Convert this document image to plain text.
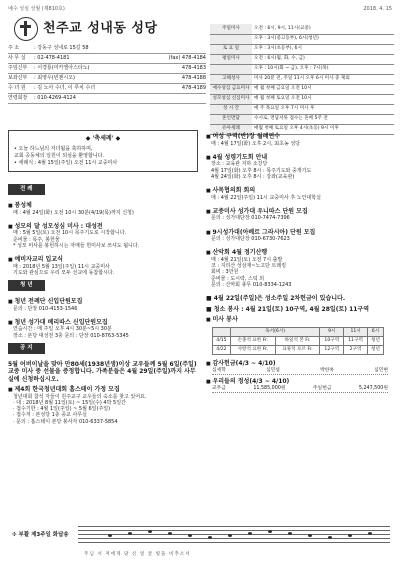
예수 성심 성월 (제810호)	2018. 4. 15
천주교 성내동 성당
주 소	: 강동구 성내로 15길 58
사 무 실	: 02-478-4181	(fax) 478-4184
주임신부	: 서경룡(미카엘아스타노)	478-4183
보좌신부	: 최영우(빈첸시오)	478-4188
수 녀 원	: 김 노아 수녀, 이 루치 수녀	478-4189
연령회장	: 010-4269-4124
주일미사	오전 : 6시, 9시, 11시(교중)
	오후 : 3시(중고등부), 6시(청년)
토 요 일	오후 : 3시(초등부), 6시
평일미사	오전 : 6시(월, 화, 수, 금)
	오후 : 10시(화 ~ 금), 오후 : 7시(목)
고해성사	미사 20분 전, 주일 11시 오후 6시 미사 중 제외
예수성심 금요미사	매 월 첫째 금요일 오전 10시
성모성심 신심미사	매 월 첫째 토요일 오전 10시
성 시 간	매 주 목요일 오후 7시 미사 후
혼인면담	수시로, 면담서류 접수는 혼배 5주 전
유아세례	매월 첫째 토요일 오후 4시(초등) 9시 이후
◆ '축세례' ◆

• 오늘 하느님의 자녀됨을 축하하며,

교회 공동체의 일원이 되심을 환영합니다.

• 세례식 : 4월 15일(주일) 오전 11시 교중미사

전 례
■ 봉성체
매 : 4월 24일(화) 오전 10시 30분(4/19(목)까지 신청)
■ 성모의 달 성모성심 미사 : 대성전
매 : 5월 5일(토) 오전 10시 목주기도로 시작합니다.
준비물 : 목주, 봉헌물
* 성모 미사를 봉헌하시는 자매들 흰미사보 쓰셔도 됩니다.
■ 예비자교리 입교식
매 : 2018년 5월 13일(주일) 11시 교중미사
기도와 관심으로 우리 모두 선교에 동참합시다.
청 년
■ 청년 전례단 신입단원모집
문의 : 단장 010-4153-1546
■ 청년 성가대 베리따스 신입단원모집
연습시간 : 매 주일 오후 4시 30분~5시 30분
장소 : 본당 대성전 3층 문의 : 단장 010-8763-5345
공 지
5월 어버이날을 맞아 만80세(1938년생)이상 교우들께 5월 6일(주일) 교중 미사 중 선물을 증정합니다. 가족분들은 4월 29일(주일)까지 사무실에 신청하십시오.
■ 제4회 한국청년대회 홈스테이 가정 모집
청년대회 참석 자들이 원주교구 교우들의 숙소를 찾고 있어요.
· 대 : 2018년 8월 11일(토) ~ 15일(수) 4박 5일간
· 접수기한 : 4월 1일(주일) ~ 5월 6일(주일)
· 접수처 : 본성당 1층 종교 사무실
· 문의 : 홈스테이 본당 봉사자 010-6337-5854
■ 여성 구역(반)장 월례연수
매 : 4월 17일(화) 오후 2시, 최초농 성당
■ 4월 성령기도회 안내
장소 : 교육관 지하 소강당
4월 17일(화) 오후 8시 : 목주기도와 중개기도
4월 24일(화) 오후 8시 : 강좌(교육관)
■ 사목협의회 회의
매 : 4월 22일(주일) 11시 교중미사 후 노인대학실
■ 교중미사 성가대 우니따스 단원 모집
문의 : 성가대단장 010-7474-7396
■ 9시성가대(아베르 그라시아) 단원 모집
문의 : 성가대단장 010-6730-7623
■ 산악회 4월 정기산행
매 : 4월 21일(토) 오전 7시 출발
코 : 지리산 성삼재~노고단 트레킹
회비 : 3만원
준비물 : 도시락, 스틱 외
문의 : 산악회 총무 010-8334-1243
■ 4월 22일(주일)은 성소주일 2차헌금이 있습니다.
■ 청소 봉사 : 4월 21일(토) 10구역, 4월 28일(토) 11구역
■ 미사 봉사
	독서(6시)		9시	11시	6시
4/15	손종석 요한 Fr.	하일석 본 Fr.	10구역	11구역	청년
4/22	사항석 요한 Fr.	표류덕 포르 Fr.	12구역	2구역	청년
■ 감사헌금(4/3 ~ 4/10)
심세학	심민섭	박한옥	심민현
■ 우리들의 정성(4/3 ~ 4/10)
교무금	11,585,000원	주일헌금	5,247,500원
✣ 부활 제3주일 화답송
주님 서 저에게 당 신 얼 굴 빛을 비추소서
